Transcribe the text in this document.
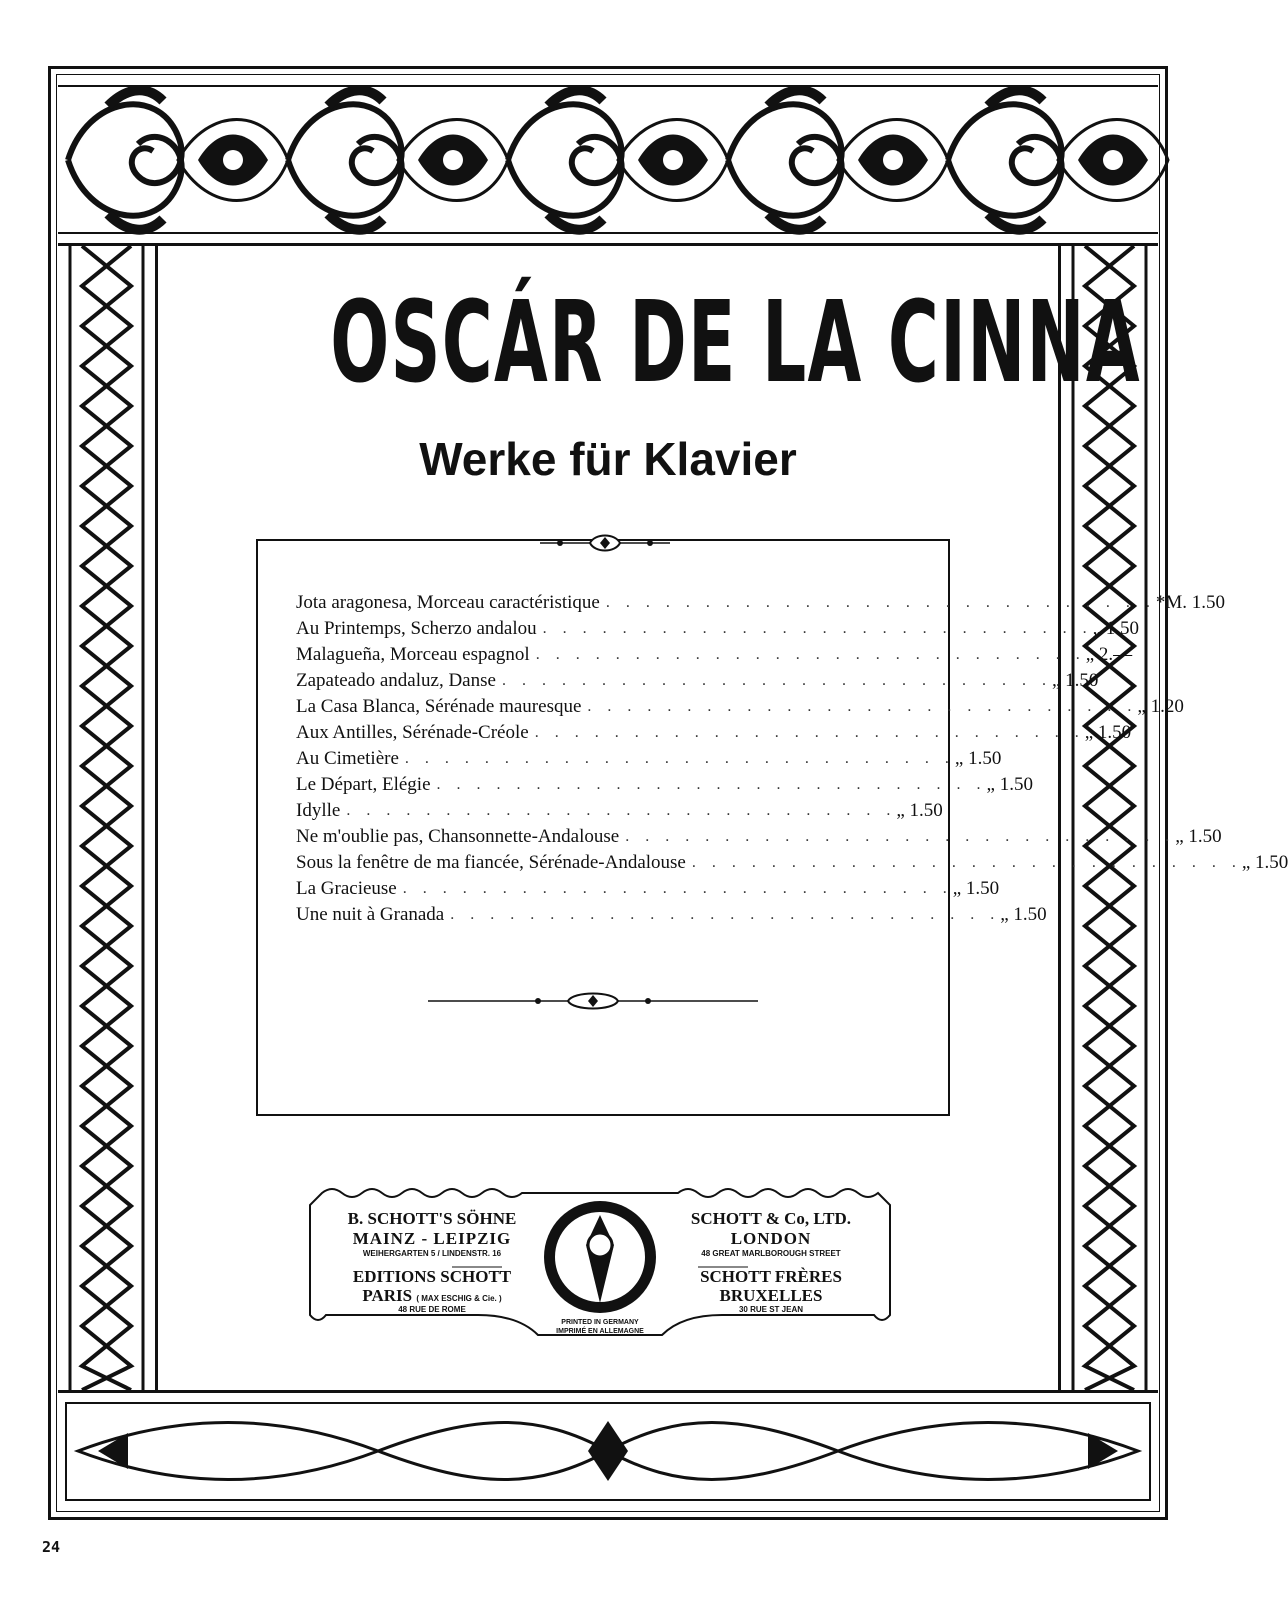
OSCÁR DE LA CINNA
Werke für Klavier
Jota aragonesa, Morceau caractéristique . . . . . . . . . . . . . . . . . . . . . . . . . . . . *M. 1.50
Au Printemps, Scherzo andalou . . . . . . . . . . . . . . . . . . . . . . . . . . . . „ 1.50
Malagueña, Morceau espagnol . . . . . . . . . . . . . . . . . . . . . . . . . . . . „ 2.—
Zapateado andaluz, Danse . . . . . . . . . . . . . . . . . . . . . . . . . . . . „ 1.50
La Casa Blanca, Sérénade mauresque . . . . . . . . . . . . . . . . . . . . . . . . . . . . „ 1.20
Aux Antilles, Sérénade-Créole . . . . . . . . . . . . . . . . . . . . . . . . . . . . „ 1.50
Au Cimetière . . . . . . . . . . . . . . . . . . . . . . . . . . . . „ 1.50
Le Départ, Elégie . . . . . . . . . . . . . . . . . . . . . . . . . . . . „ 1.50
Idylle . . . . . . . . . . . . . . . . . . . . . . . . . . . . „ 1.50
Ne m'oublie pas, Chansonnette-Andalouse . . . . . . . . . . . . . . . . . . . . . . . . . . . . „ 1.50
Sous la fenêtre de ma fiancée, Sérénade-Andalouse . . . . . . . . . . . . . . . . . . . . . . . . . . . . „ 1.50
La Gracieuse . . . . . . . . . . . . . . . . . . . . . . . . . . . . „ 1.50
Une nuit à Granada . . . . . . . . . . . . . . . . . . . . . . . . . . . . „ 1.50
B. SCHOTT'S SÖHNE
MAINZ - LEIPZIG
WEIHERGARTEN 5 / LINDENSTR. 16
EDITIONS SCHOTT
PARIS ( MAX ESCHIG & Cie. )
48 RUE DE ROME
SCHOTT & Co, LTD.
LONDON
48 GREAT MARLBOROUGH STREET
SCHOTT FRÈRES
BRUXELLES
30 RUE ST JEAN
PRINTED IN GERMANY
IMPRIMÉ EN ALLEMAGNE
24
